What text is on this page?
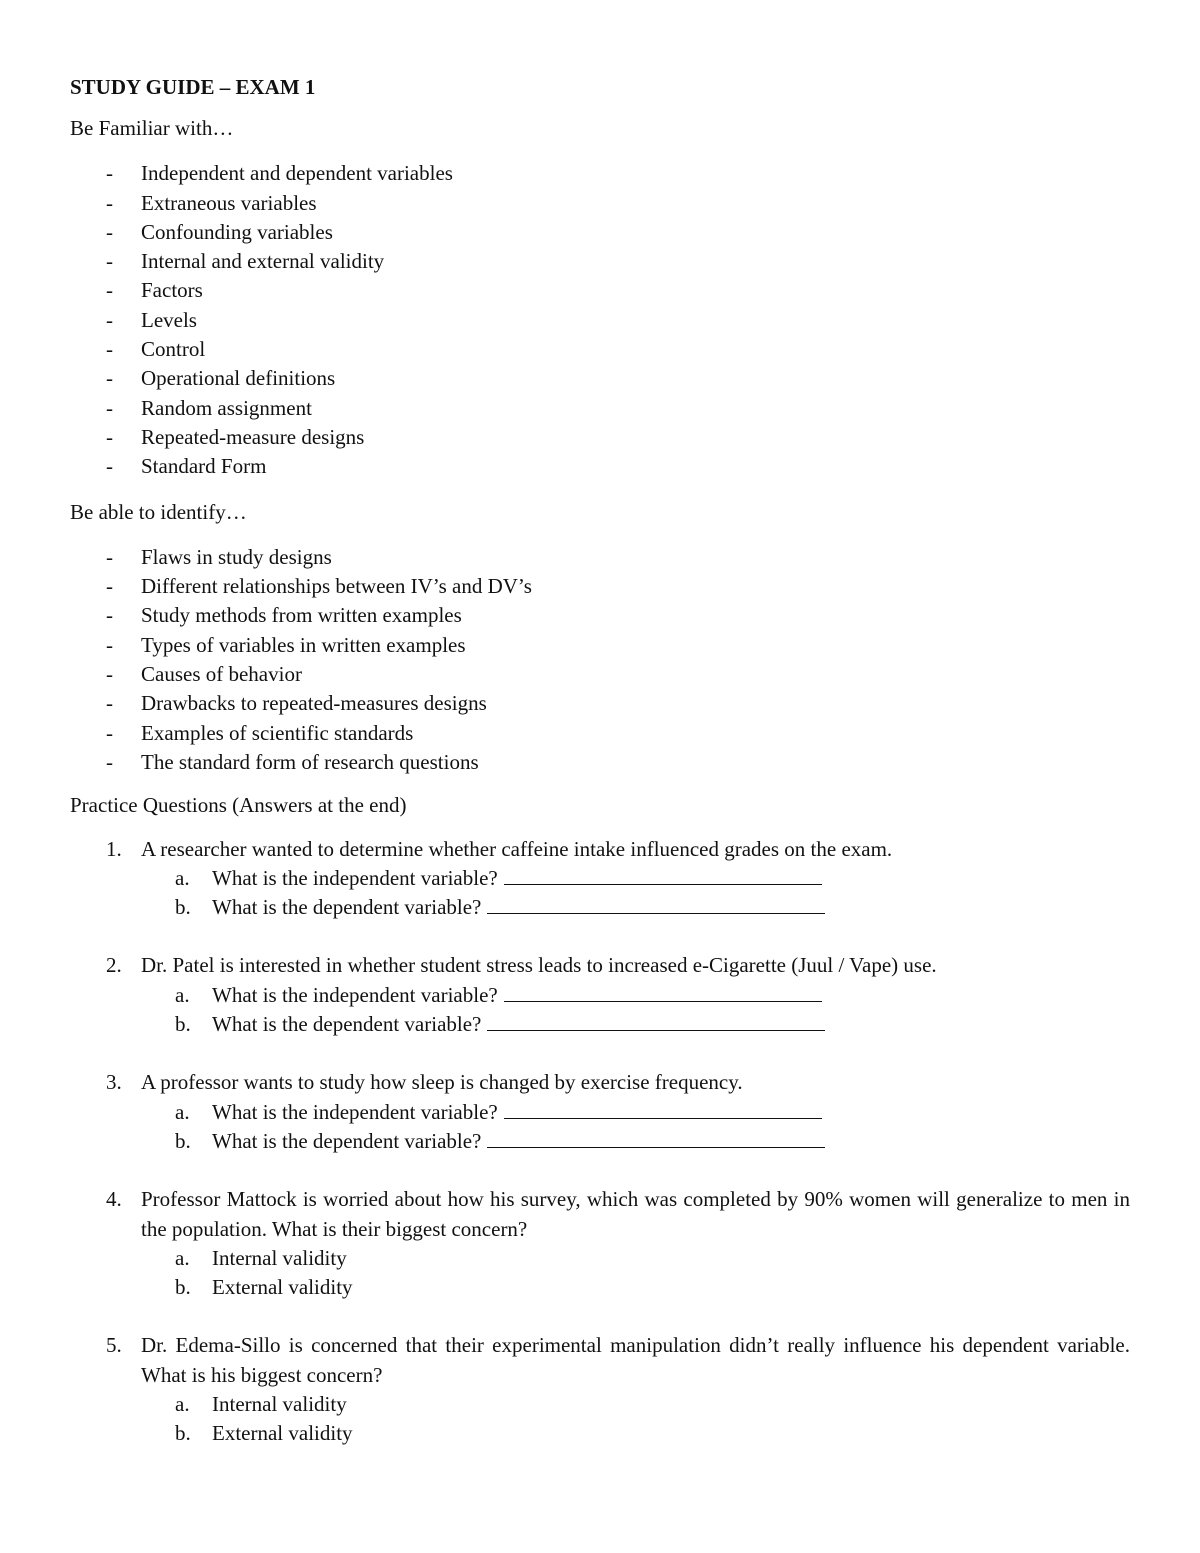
STUDY GUIDE – EXAM 1

Be Familiar with…

- Independent and dependent variables
- Extraneous variables
- Confounding variables
- Internal and external validity
- Factors
- Levels
- Control
- Operational definitions
- Random assignment
- Repeated-measure designs
- Standard Form

Be able to identify…

- Flaws in study designs
- Different relationships between IV’s and DV’s
- Study methods from written examples
- Types of variables in written examples
- Causes of behavior
- Drawbacks to repeated-measures designs
- Examples of scientific standards
- The standard form of research questions

Practice Questions (Answers at the end)

1. A researcher wanted to determine whether caffeine intake influenced grades on the exam.
a. What is the independent variable?
b. What is the dependent variable?
2. Dr. Patel is interested in whether student stress leads to increased e-Cigarette (Juul / Vape) use.
a. What is the independent variable?
b. What is the dependent variable?
3. A professor wants to study how sleep is changed by exercise frequency.
a. What is the independent variable?
b. What is the dependent variable?
4. Professor Mattock is worried about how his survey, which was completed by 90% women will generalize to men in the population. What is their biggest concern?
a. Internal validity
b. External validity
5. Dr. Edema-Sillo is concerned that their experimental manipulation didn’t really influence his dependent variable. What is his biggest concern?
a. Internal validity
b. External validity
